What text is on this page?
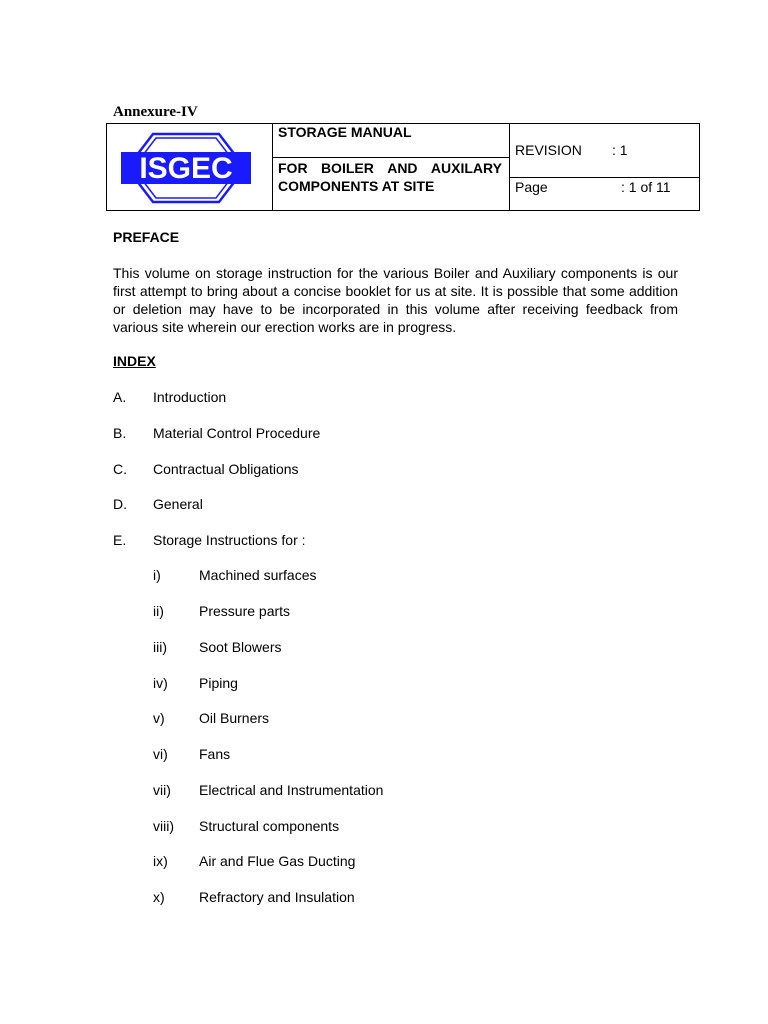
Annexure-IV
ISGEC
STORAGE MANUAL
FOR BOILER AND AUXILARY
COMPONENTS AT SITE
REVISION : 1
Page	: 1 of 11
PREFACE
This volume on storage instruction for the various Boiler and Auxiliary components is our first attempt to bring about a concise booklet for us at site. It is possible that some addition or deletion may have to be incorporated in this volume after receiving feedback from various site wherein our erection works are in progress.
INDEX
A. Introduction
B. Material Control Procedure
C. Contractual Obligations
D. General
E. Storage Instructions for :
i)	Machined surfaces
ii)	Pressure parts
iii) Soot Blowers
iv) Piping
v) Oil Burners
vi) Fans
vii) Electrical and Instrumentation
viii) Structural components
ix) Air and Flue Gas Ducting
x) Refractory and Insulation
